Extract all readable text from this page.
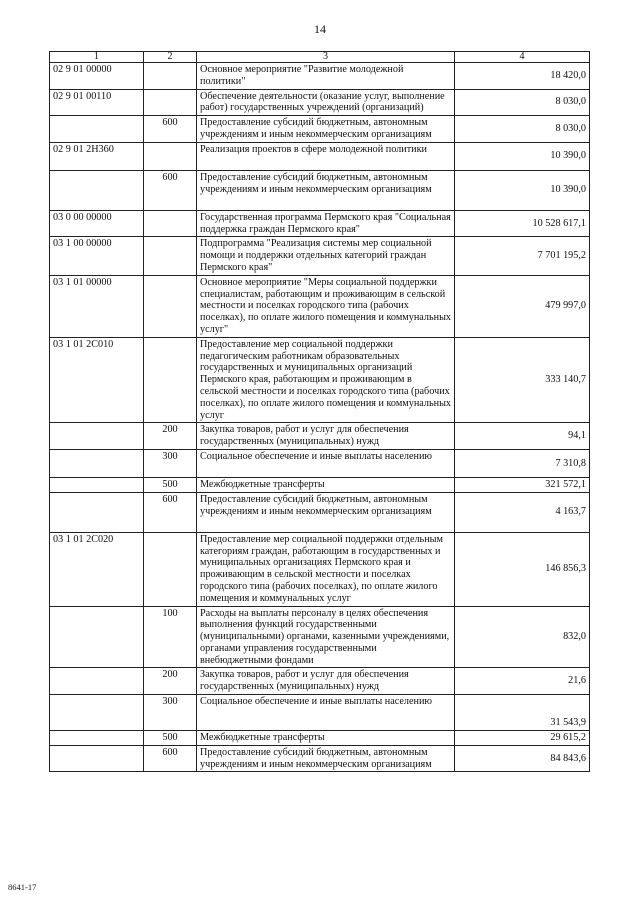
14
1	2	3	4
02 9 01 00000		Основное мероприятие "Развитие молодежной политики"	18 420,0
02 9 01 00110		Обеспечение деятельности (оказание услуг, выполнение работ) государственных учреждений (организаций)	8 030,0
	600	Предоставление субсидий бюджетным, автономным учреждениям и иным некоммерческим организациям	8 030,0
02 9 01 2Н360		Реализация проектов в сфере молодежной политики	10 390,0
	600	Предоставление субсидий бюджетным, автономным учреждениям и иным некоммерческим организациям	10 390,0
03 0 00 00000		Государственная программа Пермского края "Социальная поддержка граждан Пермского края"	10 528 617,1
03 1 00 00000		Подпрограмма "Реализация системы мер социальной помощи и поддержки отдельных категорий граждан Пермского края"	7 701 195,2
03 1 01 00000		Основное мероприятие "Меры социальной поддержки специалистам, работающим и проживающим в сельской местности и поселках городского типа (рабочих поселках), по оплате жилого помещения и коммунальных услуг"	479 997,0
03 1 01 2С010		Предоставление мер социальной поддержки педагогическим работникам образовательных государственных и муниципальных организаций Пермского края, работающим и проживающим в сельской местности и поселках городского типа (рабочих поселках), по оплате жилого помещения и коммунальных услуг	333 140,7
	200	Закупка товаров, работ и услуг для обеспечения государственных (муниципальных) нужд	94,1
	300	Социальное обеспечение и иные выплаты населению	7 310,8
	500	Межбюджетные трансферты	321 572,1
	600	Предоставление субсидий бюджетным, автономным учреждениям и иным некоммерческим организациям	4 163,7
03 1 01 2С020		Предоставление мер социальной поддержки отдельным категориям граждан, работающим в государственных и муниципальных организациях Пермского края и проживающим в сельской местности и поселках городского типа (рабочих поселках), по оплате жилого помещения и коммунальных услуг	146 856,3
	100	Расходы на выплаты персоналу в целях обеспечения выполнения функций государственными (муниципальными) органами, казенными учреждениями, органами управления государственными внебюджетными фондами	832,0
	200	Закупка товаров, работ и услуг для обеспечения государственных (муниципальных) нужд	21,6
	300	Социальное обеспечение и иные выплаты населению	31 543,9
	500	Межбюджетные трансферты	29 615,2
	600	Предоставление субсидий бюджетным, автономным учреждениям и иным некоммерческим организациям	84 843,6
8641-17
